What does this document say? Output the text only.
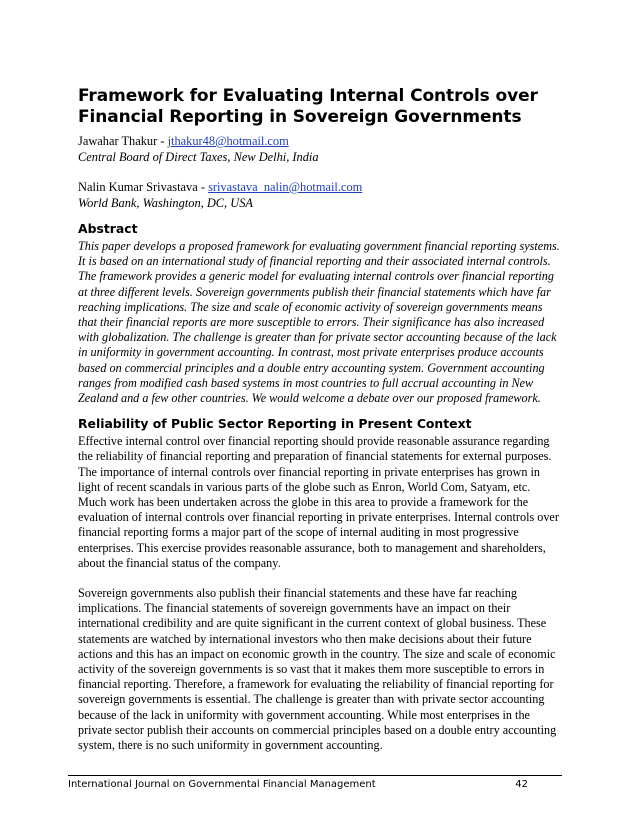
Framework for Evaluating Internal Controls over Financial Reporting in Sovereign Governments

Jawahar Thakur - jthakur48@hotmail.com

Central Board of Direct Taxes, New Delhi, India

Nalin Kumar Srivastava - srivastava_nalin@hotmail.com

World Bank, Washington, DC, USA

Abstract

This paper develops a proposed framework for evaluating government financial reporting systems. It is based on an international study of financial reporting and their associated internal controls. The framework provides a generic model for evaluating internal controls over financial reporting at three different levels. Sovereign governments publish their financial statements which have far reaching implications. The size and scale of economic activity of sovereign governments means that their financial reports are more susceptible to errors. Their significance has also increased with globalization. The challenge is greater than for private sector accounting because of the lack in uniformity in government accounting. In contrast, most private enterprises produce accounts based on commercial principles and a double entry accounting system. Government accounting ranges from modified cash based systems in most countries to full accrual accounting in New Zealand and a few other countries. We would welcome a debate over our proposed framework.

Reliability of Public Sector Reporting in Present Context

Effective internal control over financial reporting should provide reasonable assurance regarding the reliability of financial reporting and preparation of financial statements for external purposes. The importance of internal controls over financial reporting in private enterprises has grown in light of recent scandals in various parts of the globe such as Enron, World Com, Satyam, etc. Much work has been undertaken across the globe in this area to provide a framework for the evaluation of internal controls over financial reporting in private enterprises. Internal controls over financial reporting forms a major part of the scope of internal auditing in most progressive enterprises. This exercise provides reasonable assurance, both to management and shareholders, about the financial status of the company.

Sovereign governments also publish their financial statements and these have far reaching implications. The financial statements of sovereign governments have an impact on their international credibility and are quite significant in the current context of global business. These statements are watched by international investors who then make decisions about their future actions and this has an impact on economic growth in the country. The size and scale of economic activity of the sovereign governments is so vast that it makes them more susceptible to errors in financial reporting. Therefore, a framework for evaluating the reliability of financial reporting for sovereign governments is essential. The challenge is greater than with private sector accounting because of the lack in uniformity with government accounting. While most enterprises in the private sector publish their accounts on commercial principles based on a double entry accounting system, there is no such uniformity in government accounting.

International Journal on Governmental Financial Management	42
